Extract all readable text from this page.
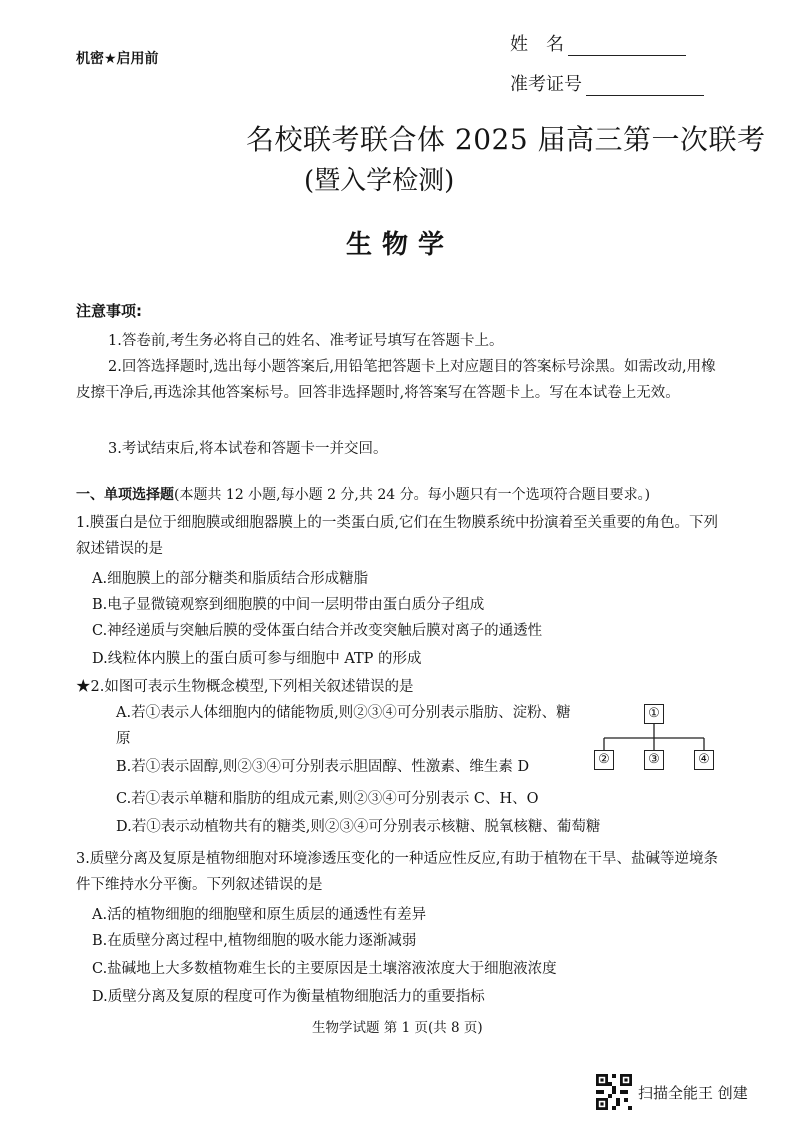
机密★启用前
姓　名
准考证号
名校联考联合体 2025 届高三第一次联考
(暨入学检测)
生物学
注意事项:
1.答卷前,考生务必将自己的姓名、准考证号填写在答题卡上。
2.回答选择题时,选出每小题答案后,用铅笔把答题卡上对应题目的答案标号涂黑。如需改动,用橡皮擦干净后,再选涂其他答案标号。回答非选择题时,将答案写在答题卡上。写在本试卷上无效。
3.考试结束后,将本试卷和答题卡一并交回。
一、单项选择题(本题共 12 小题,每小题 2 分,共 24 分。每小题只有一个选项符合题目要求。)
1.膜蛋白是位于细胞膜或细胞器膜上的一类蛋白质,它们在生物膜系统中扮演着至关重要的角色。下列叙述错误的是
A.细胞膜上的部分糖类和脂质结合形成糖脂
B.电子显微镜观察到细胞膜的中间一层明带由蛋白质分子组成
C.神经递质与突触后膜的受体蛋白结合并改变突触后膜对离子的通透性
D.线粒体内膜上的蛋白质可参与细胞中 ATP 的形成
★2.如图可表示生物概念模型,下列相关叙述错误的是
A.若①表示人体细胞内的储能物质,则②③④可分别表示脂肪、淀粉、糖原
B.若①表示固醇,则②③④可分别表示胆固醇、性激素、维生素 D
C.若①表示单糖和脂肪的组成元素,则②③④可分别表示 C、H、O
D.若①表示动植物共有的糖类,则②③④可分别表示核糖、脱氧核糖、葡萄糖
①
②	③	④
3.质壁分离及复原是植物细胞对环境渗透压变化的一种适应性反应,有助于植物在干旱、盐碱等逆境条件下维持水分平衡。下列叙述错误的是
A.活的植物细胞的细胞壁和原生质层的通透性有差异
B.在质壁分离过程中,植物细胞的吸水能力逐渐减弱
C.盐碱地上大多数植物难生长的主要原因是土壤溶液浓度大于细胞液浓度
D.质壁分离及复原的程度可作为衡量植物细胞活力的重要指标
生物学试题 第 1 页(共 8 页)
扫描全能王 创建
